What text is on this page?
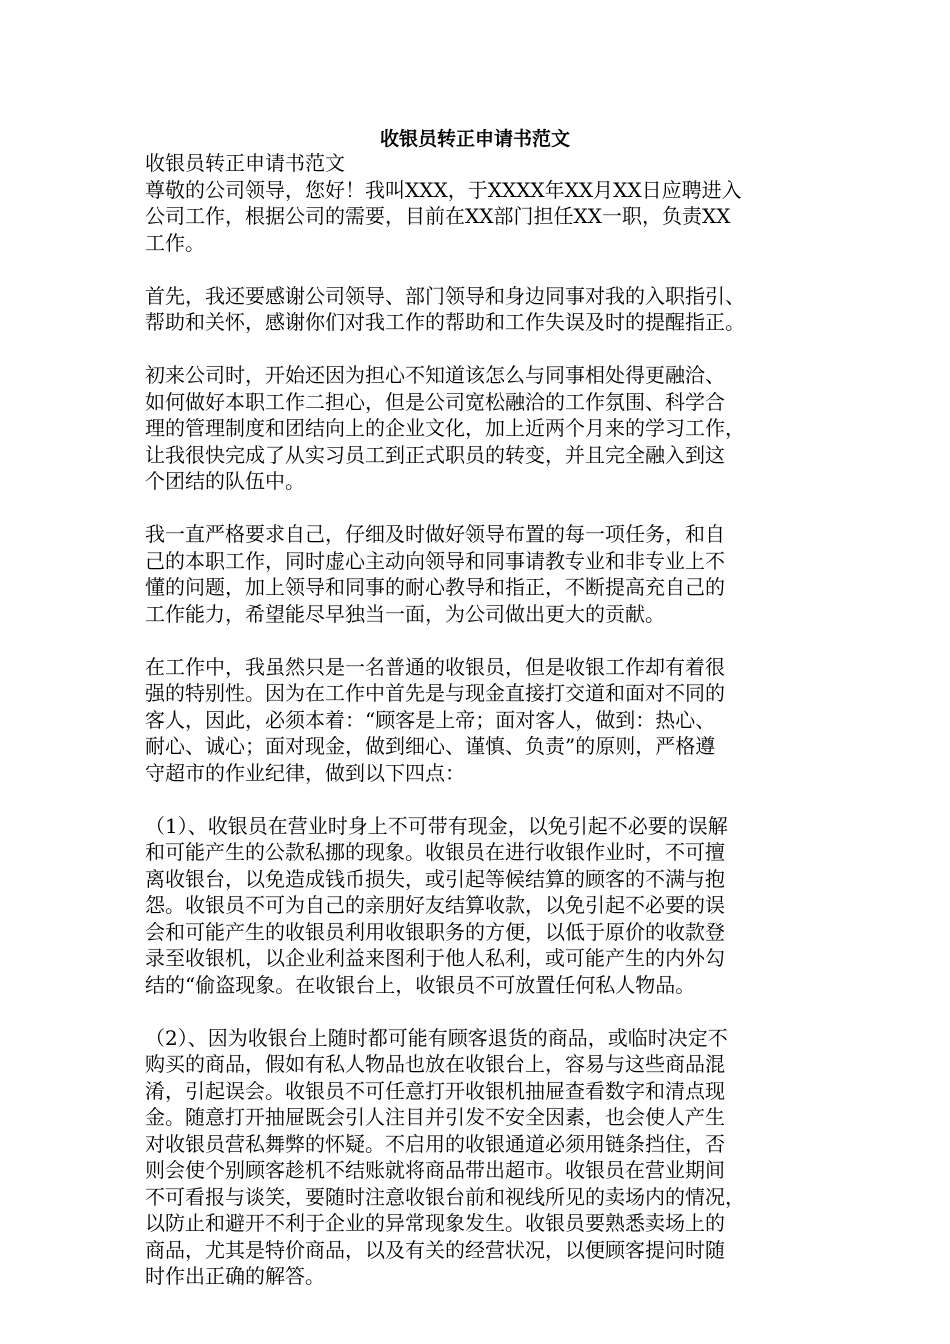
收银员转正申请书范文

收银员转正申请书范文

尊敬的公司领导，您好！我叫XXX，于XXXX年XX月XX日应聘进入
公司工作，根据公司的需要，目前在XX部门担任XX一职，负责XX
工作。

首先，我还要感谢公司领导、部门领导和身边同事对我的入职指引、
帮助和关怀，感谢你们对我工作的帮助和工作失误及时的提醒指正。

初来公司时，开始还因为担心不知道该怎么与同事相处得更融洽、
如何做好本职工作二担心，但是公司宽松融洽的工作氛围、科学合
理的管理制度和团结向上的企业文化，加上近两个月来的学习工作，
让我很快完成了从实习员工到正式职员的转变，并且完全融入到这
个团结的队伍中。

我一直严格要求自己，仔细及时做好领导布置的每一项任务，和自
己的本职工作，同时虚心主动向领导和同事请教专业和非专业上不
懂的问题，加上领导和同事的耐心教导和指正，不断提高充自己的
工作能力，希望能尽早独当一面，为公司做出更大的贡献。

在工作中，我虽然只是一名普通的收银员，但是收银工作却有着很
强的特别性。因为在工作中首先是与现金直接打交道和面对不同的
客人，因此，必须本着：“顾客是上帝；面对客人，做到：热心、
耐心、诚心；面对现金，做到细心、谨慎、负责”的原则，严格遵
守超市的作业纪律，做到以下四点：

（1）、收银员在营业时身上不可带有现金，以免引起不必要的误解
和可能产生的公款私挪的现象。收银员在进行收银作业时，不可擅
离收银台，以免造成钱币损失，或引起等候结算的顾客的不满与抱
怨。收银员不可为自己的亲朋好友结算收款，以免引起不必要的误
会和可能产生的收银员利用收银职务的方便，以低于原价的收款登
录至收银机，以企业利益来图利于他人私利，或可能产生的内外勾
结的“偷盗现象。在收银台上，收银员不可放置任何私人物品。

（2）、因为收银台上随时都可能有顾客退货的商品，或临时决定不
购买的商品，假如有私人物品也放在收银台上，容易与这些商品混
淆，引起误会。收银员不可任意打开收银机抽屉查看数字和清点现
金。随意打开抽屉既会引人注目并引发不安全因素，也会使人产生
对收银员营私舞弊的怀疑。不启用的收银通道必须用链条挡住，否
则会使个别顾客趁机不结账就将商品带出超市。收银员在营业期间
不可看报与谈笑，要随时注意收银台前和视线所见的卖场内的情况，
以防止和避开不利于企业的异常现象发生。收银员要熟悉卖场上的
商品，尤其是特价商品，以及有关的经营状况，以便顾客提问时随
时作出正确的解答。
